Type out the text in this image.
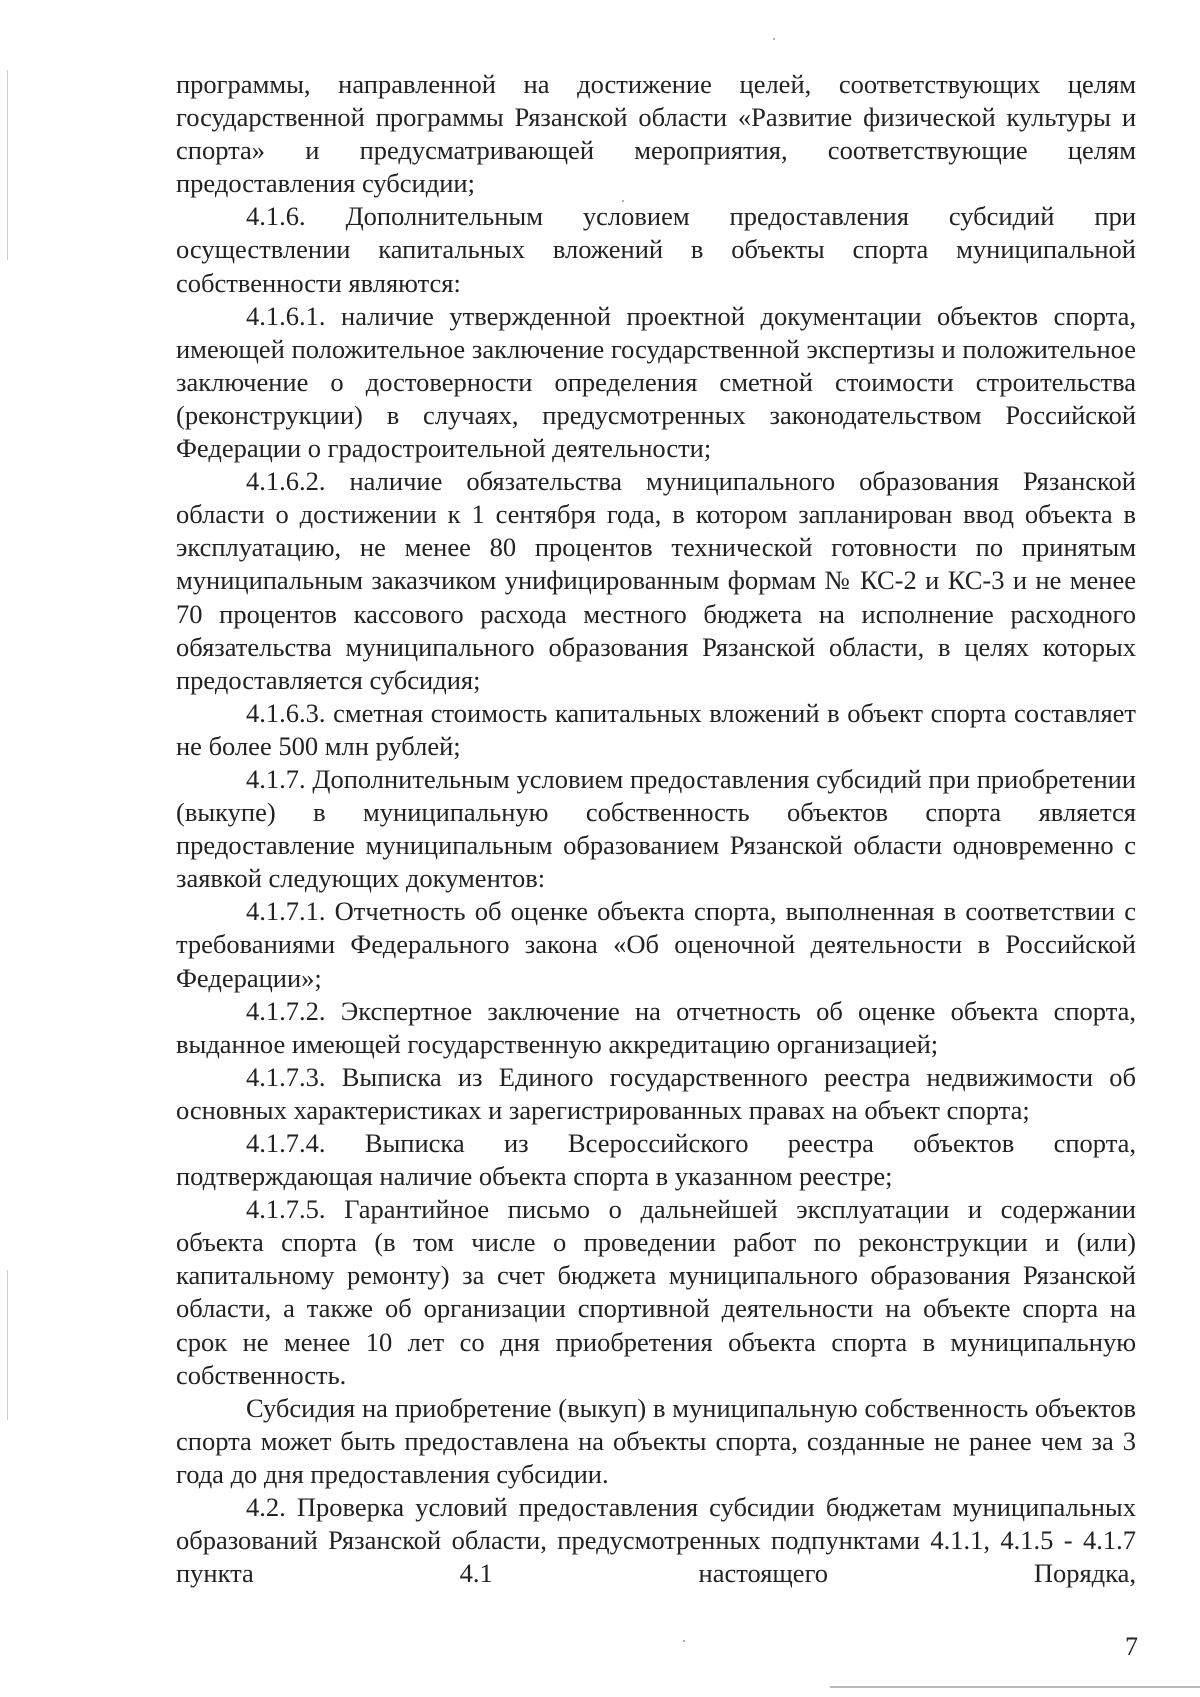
программы, направленной на достижение целей, соответствующих целям государственной программы Рязанской области «Развитие физической культуры и спорта» и предусматривающей мероприятия, соответствующие целям предоставления субсидии;

4.1.6. Дополнительным условием предоставления субсидий при осуществлении капитальных вложений в объекты спорта муниципальной собственности являются:

4.1.6.1. наличие утвержденной проектной документации объектов спорта, имеющей положительное заключение государственной экспертизы и положительное заключение о достоверности определения сметной стоимости строительства (реконструкции) в случаях, предусмотренных законодательством Российской Федерации о градостроительной деятельности;

4.1.6.2. наличие обязательства муниципального образования Рязанской области о достижении к 1 сентября года, в котором запланирован ввод объекта в эксплуатацию, не менее 80 процентов технической готовности по принятым муниципальным заказчиком унифицированным формам № КС-2 и КС-3 и не менее 70 процентов кассового расхода местного бюджета на исполнение расходного обязательства муниципального образования Рязанской области, в целях которых предоставляется субсидия;

4.1.6.3. сметная стоимость капитальных вложений в объект спорта составляет не более 500 млн рублей;

4.1.7. Дополнительным условием предоставления субсидий при приобретении (выкупе) в муниципальную собственность объектов спорта является предоставление муниципальным образованием Рязанской области одновременно с заявкой следующих документов:

4.1.7.1. Отчетность об оценке объекта спорта, выполненная в соответствии с требованиями Федерального закона «Об оценочной деятельности в Российской Федерации»;

4.1.7.2. Экспертное заключение на отчетность об оценке объекта спорта, выданное имеющей государственную аккредитацию организацией;

4.1.7.3. Выписка из Единого государственного реестра недвижимости об основных характеристиках и зарегистрированных правах на объект спорта;

4.1.7.4. Выписка из Всероссийского реестра объектов спорта, подтверждающая наличие объекта спорта в указанном реестре;

4.1.7.5. Гарантийное письмо о дальнейшей эксплуатации и содержании объекта спорта (в том числе о проведении работ по реконструкции и (или) капитальному ремонту) за счет бюджета муниципального образования Рязанской области, а также об организации спортивной деятельности на объекте спорта на срок не менее 10 лет со дня приобретения объекта спорта в муниципальную собственность.

Субсидия на приобретение (выкуп) в муниципальную собственность объектов спорта может быть предоставлена на объекты спорта, созданные не ранее чем за 3 года до дня предоставления субсидии.

4.2. Проверка условий предоставления субсидии бюджетам муниципальных образований Рязанской области, предусмотренных подпунктами 4.1.1, 4.1.5 - 4.1.7 пункта 4.1 настоящего Порядка,

7
